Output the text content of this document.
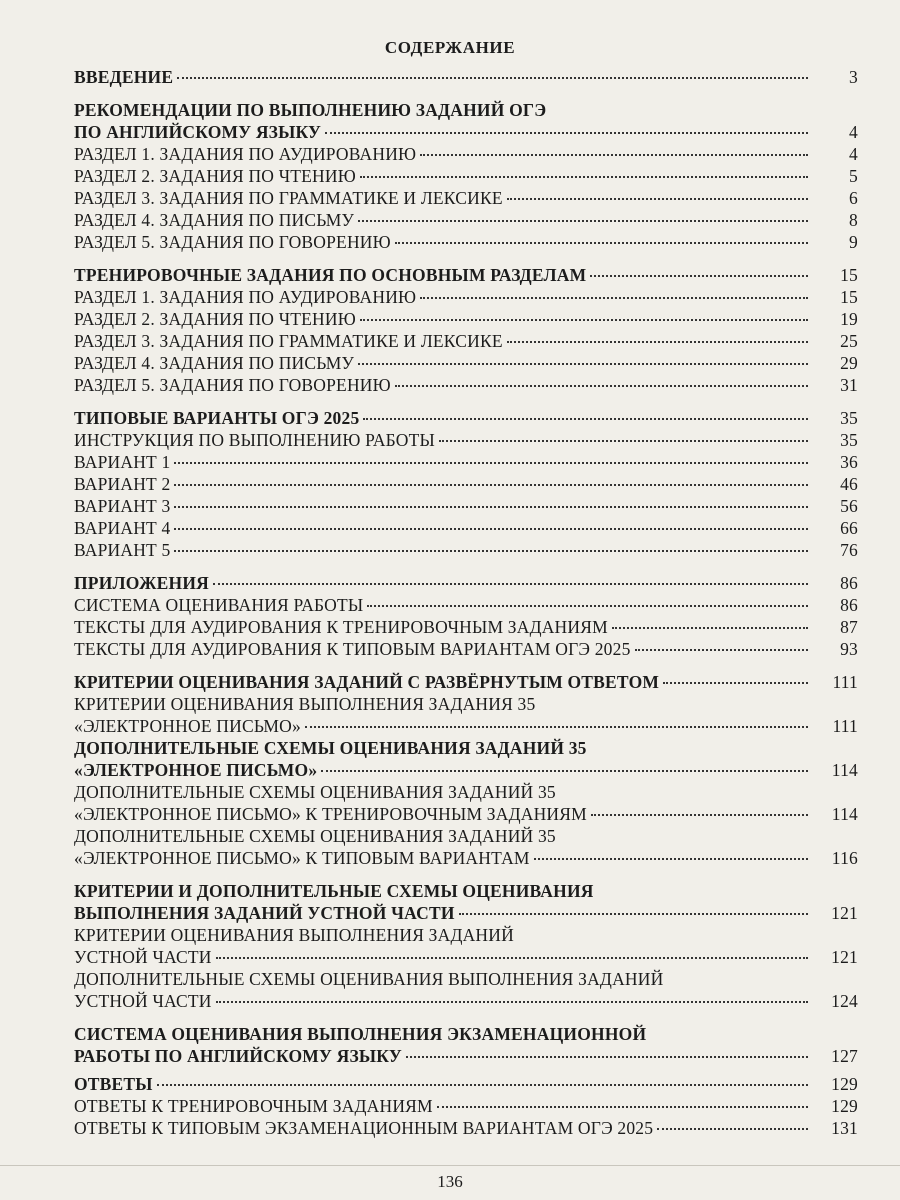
СОДЕРЖАНИЕ
ВВЕДЕНИЕ	3
РЕКОМЕНДАЦИИ ПО ВЫПОЛНЕНИЮ ЗАДАНИЙ ОГЭ
ПО АНГЛИЙСКОМУ ЯЗЫКУ	4
РАЗДЕЛ 1. ЗАДАНИЯ ПО АУДИРОВАНИЮ	4
РАЗДЕЛ 2. ЗАДАНИЯ ПО ЧТЕНИЮ	5
РАЗДЕЛ 3. ЗАДАНИЯ ПО ГРАММАТИКЕ И ЛЕКСИКЕ	6
РАЗДЕЛ 4. ЗАДАНИЯ ПО ПИСЬМУ	8
РАЗДЕЛ 5. ЗАДАНИЯ ПО ГОВОРЕНИЮ	9
ТРЕНИРОВОЧНЫЕ ЗАДАНИЯ ПО ОСНОВНЫМ РАЗДЕЛАМ	15
РАЗДЕЛ 1. ЗАДАНИЯ ПО АУДИРОВАНИЮ	15
РАЗДЕЛ 2. ЗАДАНИЯ ПО ЧТЕНИЮ	19
РАЗДЕЛ 3. ЗАДАНИЯ ПО ГРАММАТИКЕ И ЛЕКСИКЕ	25
РАЗДЕЛ 4. ЗАДАНИЯ ПО ПИСЬМУ	29
РАЗДЕЛ 5. ЗАДАНИЯ ПО ГОВОРЕНИЮ	31
ТИПОВЫЕ ВАРИАНТЫ ОГЭ 2025	35
ИНСТРУКЦИЯ ПО ВЫПОЛНЕНИЮ РАБОТЫ	35
ВАРИАНТ 1	36
ВАРИАНТ 2	46
ВАРИАНТ 3	56
ВАРИАНТ 4	66
ВАРИАНТ 5	76
ПРИЛОЖЕНИЯ	86
СИСТЕМА ОЦЕНИВАНИЯ РАБОТЫ	86
ТЕКСТЫ ДЛЯ АУДИРОВАНИЯ К ТРЕНИРОВОЧНЫМ ЗАДАНИЯМ	87
ТЕКСТЫ ДЛЯ АУДИРОВАНИЯ К ТИПОВЫМ ВАРИАНТАМ ОГЭ 2025	93
КРИТЕРИИ ОЦЕНИВАНИЯ ЗАДАНИЙ С РАЗВЁРНУТЫМ ОТВЕТОМ	111
КРИТЕРИИ ОЦЕНИВАНИЯ ВЫПОЛНЕНИЯ ЗАДАНИЯ 35
«ЭЛЕКТРОННОЕ ПИСЬМО»	111
ДОПОЛНИТЕЛЬНЫЕ СХЕМЫ ОЦЕНИВАНИЯ ЗАДАНИЙ 35
«ЭЛЕКТРОННОЕ ПИСЬМО»	114
ДОПОЛНИТЕЛЬНЫЕ СХЕМЫ ОЦЕНИВАНИЯ ЗАДАНИЙ 35
«ЭЛЕКТРОННОЕ ПИСЬМО» К ТРЕНИРОВОЧНЫМ ЗАДАНИЯМ	114
ДОПОЛНИТЕЛЬНЫЕ СХЕМЫ ОЦЕНИВАНИЯ ЗАДАНИЙ 35
«ЭЛЕКТРОННОЕ ПИСЬМО» К ТИПОВЫМ ВАРИАНТАМ	116
КРИТЕРИИ И ДОПОЛНИТЕЛЬНЫЕ СХЕМЫ ОЦЕНИВАНИЯ
ВЫПОЛНЕНИЯ ЗАДАНИЙ УСТНОЙ ЧАСТИ	121
КРИТЕРИИ ОЦЕНИВАНИЯ ВЫПОЛНЕНИЯ ЗАДАНИЙ
УСТНОЙ ЧАСТИ	121
ДОПОЛНИТЕЛЬНЫЕ СХЕМЫ ОЦЕНИВАНИЯ ВЫПОЛНЕНИЯ ЗАДАНИЙ
УСТНОЙ ЧАСТИ	124
СИСТЕМА ОЦЕНИВАНИЯ ВЫПОЛНЕНИЯ ЭКЗАМЕНАЦИОННОЙ
РАБОТЫ ПО АНГЛИЙСКОМУ ЯЗЫКУ	127
ОТВЕТЫ	129
ОТВЕТЫ К ТРЕНИРОВОЧНЫМ ЗАДАНИЯМ	129
ОТВЕТЫ К ТИПОВЫМ ЭКЗАМЕНАЦИОННЫМ ВАРИАНТАМ ОГЭ 2025	131
136
